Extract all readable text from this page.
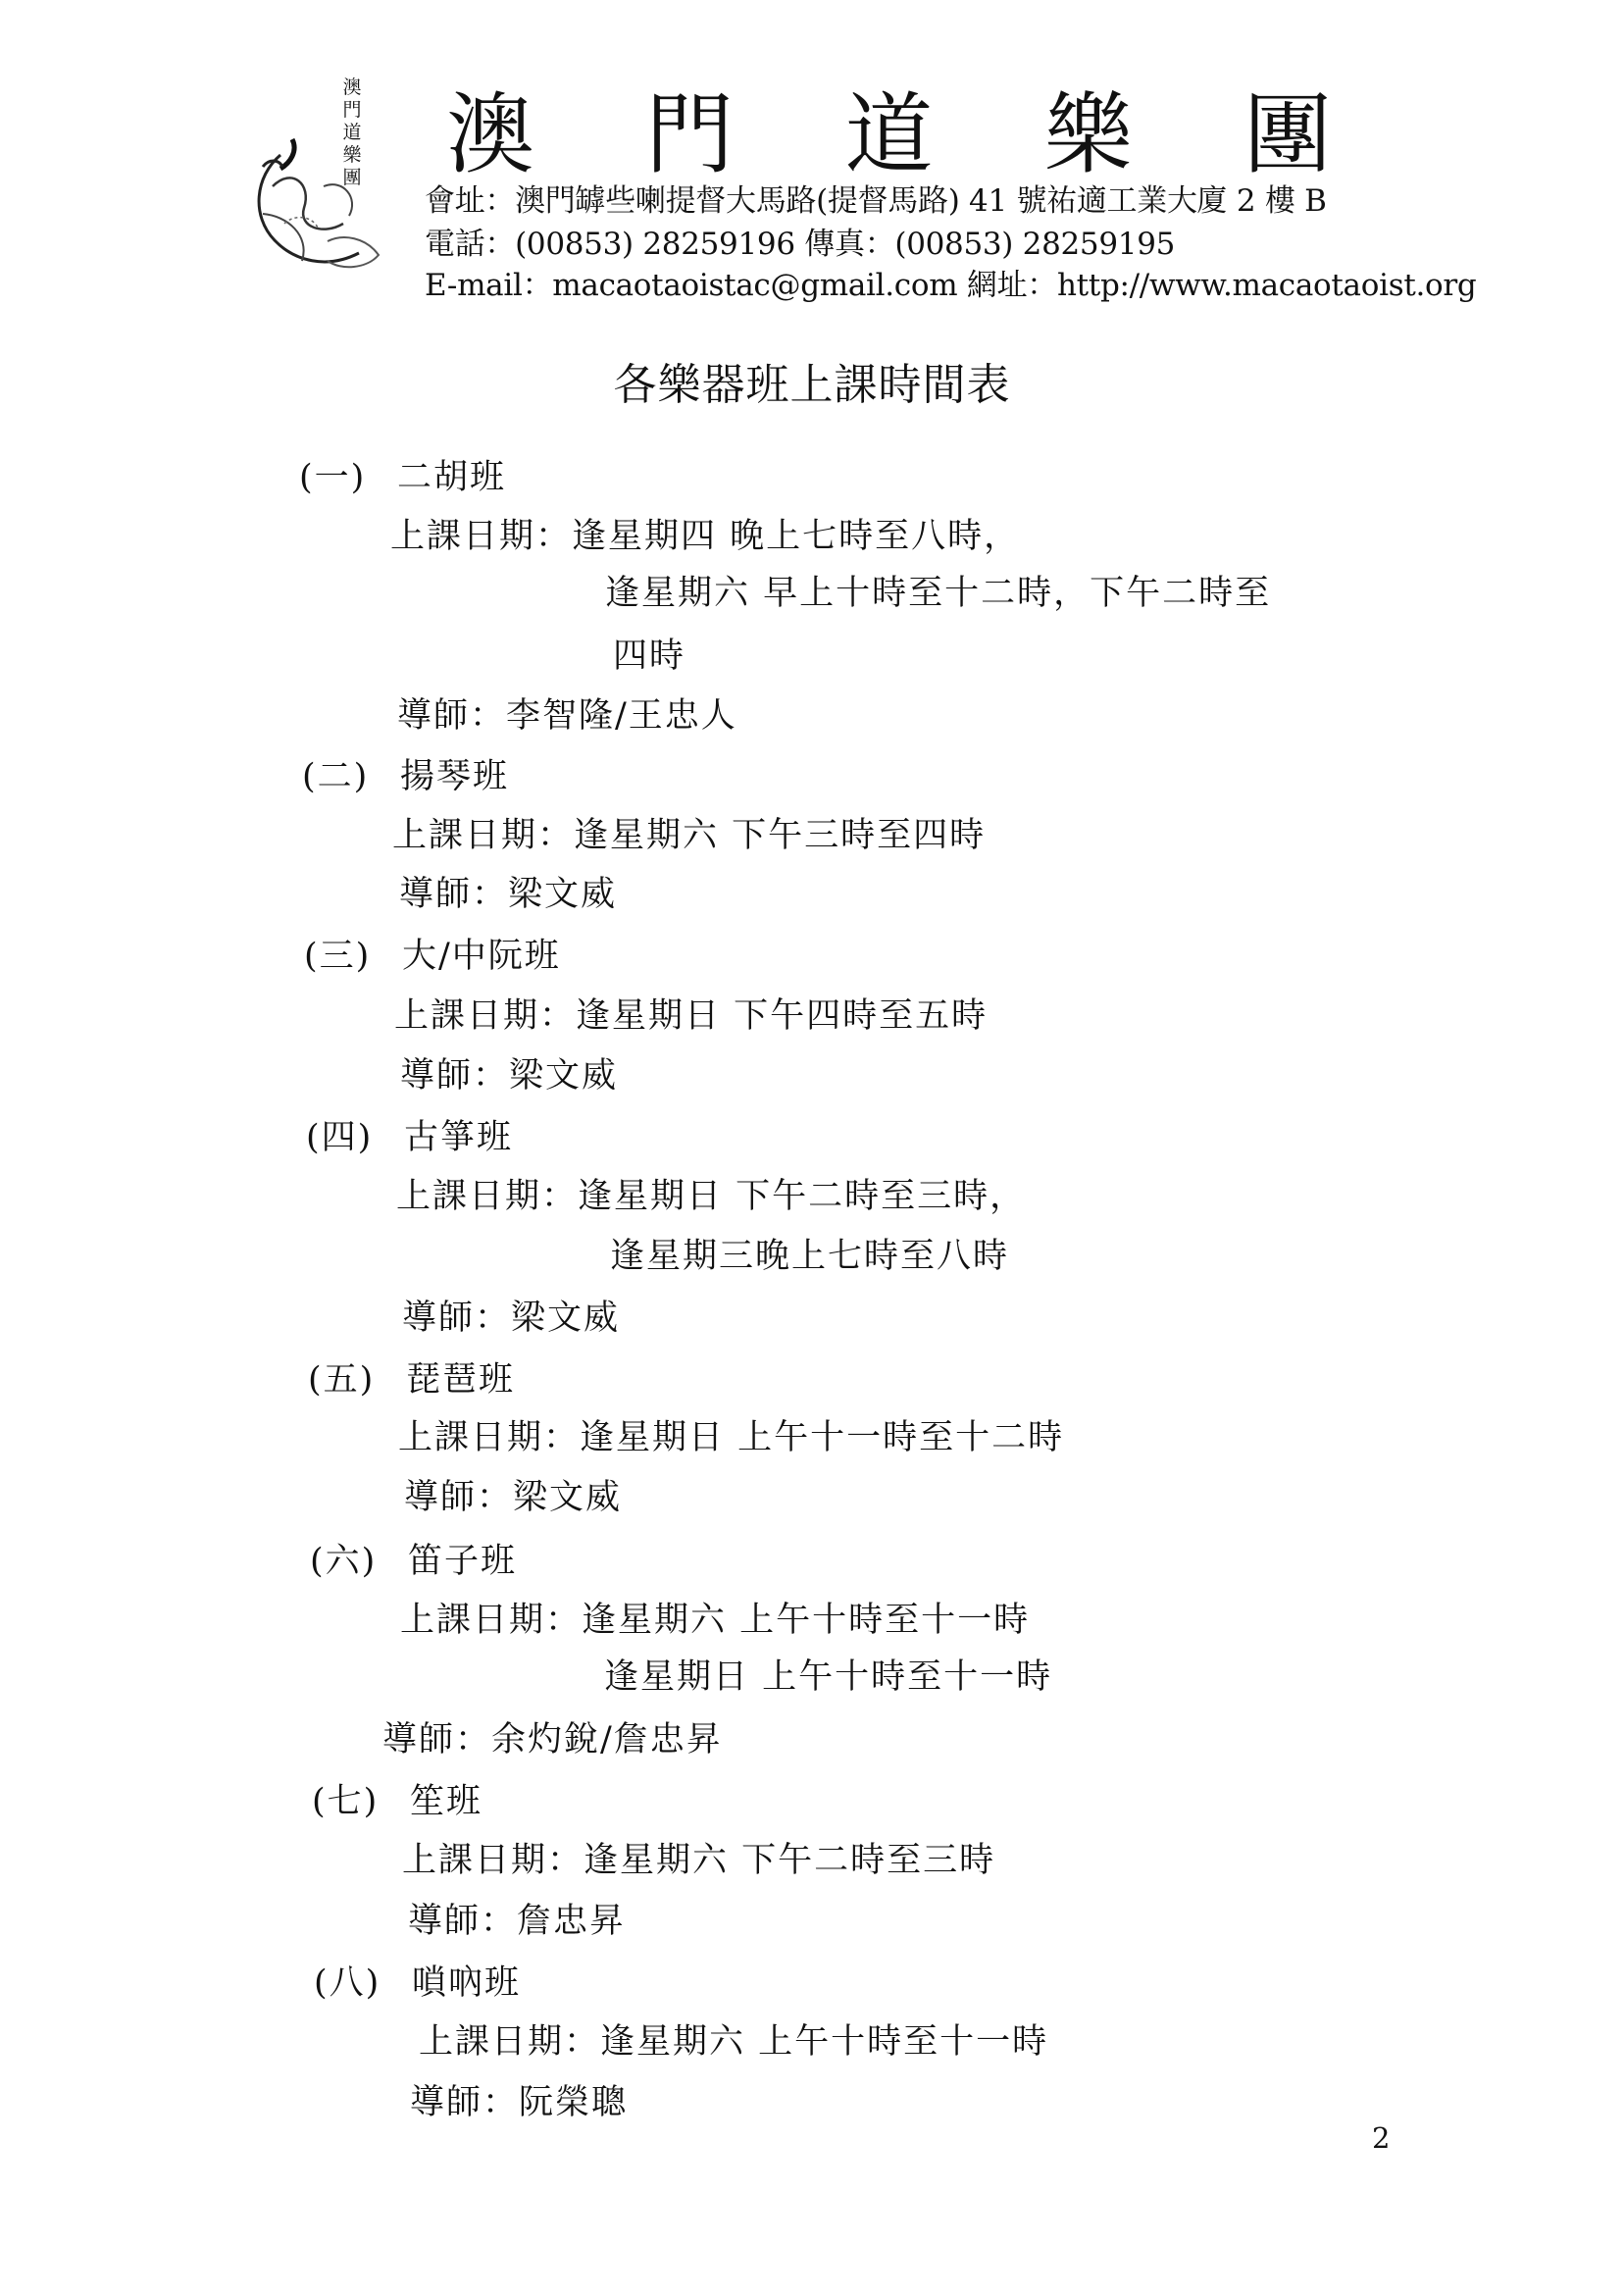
澳
門
道
樂
團 澳 門 道 樂 團
會址：澳門罅些喇提督大馬路(提督馬路) 41 號祐適工業大廈 2 樓 B
電話：(00853) 28259196 傳真：(00853) 28259195
E-mail：macaotaoistac@gmail.com 網址：http://www.macaotaoist.org
各樂器班上課時間表
(一) 二胡班
上課日期：逢星期四 晚上七時至八時，
逢星期六 早上十時至十二時，下午二時至
四時
導師：李智隆/王忠人
(二) 揚琴班
上課日期：逢星期六 下午三時至四時
導師：梁文威
(三) 大/中阮班
上課日期：逢星期日 下午四時至五時
導師：梁文威
(四) 古箏班
上課日期：逢星期日 下午二時至三時，
逢星期三晚上七時至八時
導師：梁文威
(五) 琵琶班
上課日期：逢星期日 上午十一時至十二時
導師：梁文威
(六) 笛子班
上課日期：逢星期六 上午十時至十一時
逢星期日 上午十時至十一時
導師：余灼銳/詹忠昇
(七) 笙班
上課日期：逢星期六 下午二時至三時
導師：詹忠昇
(八) 嗩吶班
上課日期：逢星期六 上午十時至十一時
導師：阮榮聰
2
